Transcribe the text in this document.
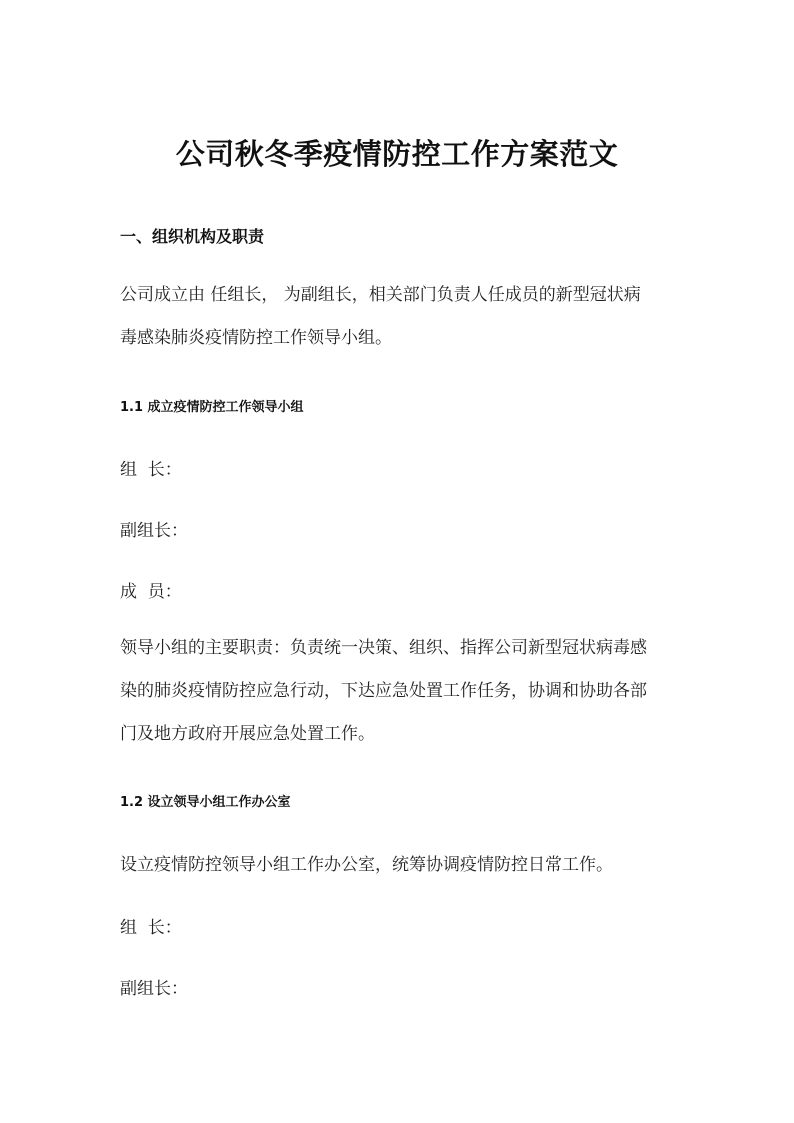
公司秋冬季疫情防控工作方案范文
一、组织机构及职责
公司成立由 任组长， 为副组长，相关部门负责人任成员的新型冠状病
毒感染肺炎疫情防控工作领导小组。
1.1 成立疫情防控工作领导小组
组  长：
副组长：
成  员：
领导小组的主要职责：负责统一决策、组织、指挥公司新型冠状病毒感
染的肺炎疫情防控应急行动，下达应急处置工作任务，协调和协助各部
门及地方政府开展应急处置工作。
1.2 设立领导小组工作办公室
设立疫情防控领导小组工作办公室，统筹协调疫情防控日常工作。
组  长：
副组长：
